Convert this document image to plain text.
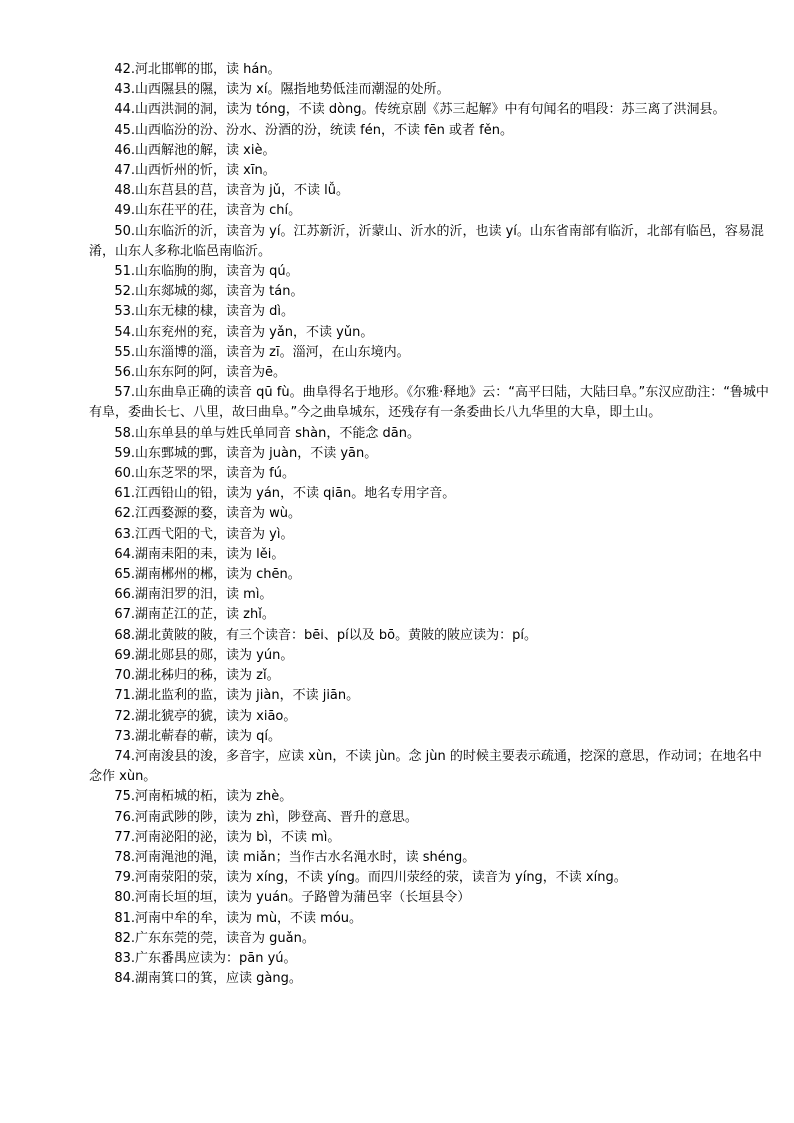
42.河北邯郸的邯，读 hán。

43.山西隰县的隰，读为 xí。隰指地势低洼而潮湿的处所。

44.山西洪洞的洞，读为 tóng，不读 dòng。传统京剧《苏三起解》中有句闻名的唱段：苏三离了洪洞县。

45.山西临汾的汾、汾水、汾酒的汾，统读 fén，不读 fēn 或者 fěn。

46.山西解池的解，读 xiè。

47.山西忻州的忻，读 xīn。

48.山东莒县的莒，读音为 jǔ，不读 lǚ。

49.山东茌平的茌，读音为 chí。

50.山东临沂的沂，读音为 yí。江苏新沂，沂蒙山、沂水的沂，也读 yí。山东省南部有临沂，北部有临邑，容易混淆，山东人多称北临邑南临沂。

51.山东临朐的朐，读音为 qú。

52.山东郯城的郯，读音为 tán。

53.山东无棣的棣，读音为 dì。

54.山东兖州的兖，读音为 yǎn，不读 yǔn。

55.山东淄博的淄，读音为 zī。淄河，在山东境内。

56.山东东阿的阿，读音为ē。

57.山东曲阜正确的读音 qū fù。曲阜得名于地形。《尔雅·释地》云：“高平曰陆，大陆曰阜。”东汉应劭注：“鲁城中有阜，委曲长七、八里，故曰曲阜。”今之曲阜城东，还残存有一条委曲长八九华里的大阜，即土山。

58.山东单县的单与姓氏单同音 shàn，不能念 dān。

59.山东鄄城的鄄，读音为 juàn，不读 yān。

60.山东芝罘的罘，读音为 fú。

61.江西铅山的铅，读为 yán，不读 qiān。地名专用字音。

62.江西婺源的婺，读音为 wù。

63.江西弋阳的弋，读音为 yì。

64.湖南耒阳的耒，读为 lěi。

65.湖南郴州的郴，读为 chēn。

66.湖南汨罗的汨，读 mì。

67.湖南芷江的芷，读 zhǐ。

68.湖北黄陂的陂，有三个读音：bēi、pí以及 bō。黄陂的陂应读为：pí。

69.湖北郧县的郧，读为 yún。

70.湖北秭归的秭，读为 zǐ。

71.湖北监利的监，读为 jiàn，不读 jiān。

72.湖北猇亭的猇，读为 xiāo。

73.湖北蕲春的蕲，读为 qí。

74.河南浚县的浚，多音字，应读 xùn，不读 jùn。念 jùn 的时候主要表示疏通，挖深的意思，作动词；在地名中念作 xùn。

75.河南柘城的柘，读为 zhè。

76.河南武陟的陟，读为 zhì，陟登高、晋升的意思。

77.河南泌阳的泌，读为 bì，不读 mì。

78.河南渑池的渑，读 miǎn；当作古水名渑水时，读 shéng。

79.河南荥阳的荥，读为 xíng，不读 yíng。而四川荥经的荥，读音为 yíng，不读 xíng。

80.河南长垣的垣，读为 yuán。子路曾为蒲邑宰（长垣县令）

81.河南中牟的牟，读为 mù，不读 móu。

82.广东东莞的莞，读音为 guǎn。

83.广东番禺应读为：pān yú。

84.湖南箕口的箕，应读 gàng。
